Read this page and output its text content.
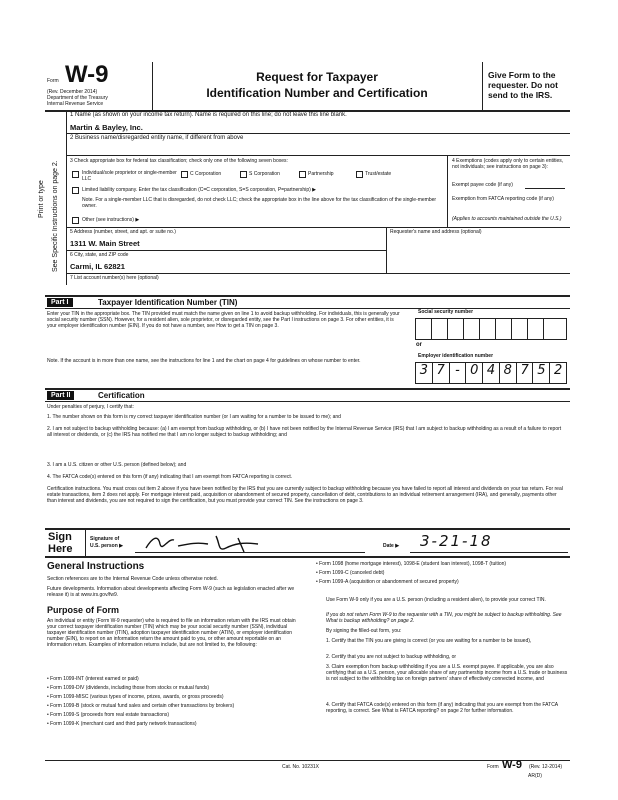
Form W-9
(Rev. December 2014)
Department of the Treasury
Internal Revenue Service
Request for Taxpayer
Identification Number and Certification
Give Form to the
requester. Do not
send to the IRS.
Print or type See Specific Instructions on page 2.
1 Name (as shown on your income tax return). Name is required on this line; do not leave this line blank.
Martin & Bayley, Inc.
2 Business name/disregarded entity name, if different from above
3 Check appropriate box for federal tax classification; check only one of the following seven boxes:
Individual/sole proprietor or single-member LLC
C Corporation	S Corporation	Partnership	Trust/estate
Limited liability company. Enter the tax classification (C=C corporation, S=S corporation, P=partnership) ▶
Note. For a single-member LLC that is disregarded, do not check LLC; check the appropriate box in the line above for the tax classification of the single-member owner.
Other (see instructions) ▶
4 Exemptions (codes apply only to certain entities, not individuals; see instructions on page 3):
Exempt payee code (if any)
Exemption from FATCA reporting code (if any)
(Applies to accounts maintained outside the U.S.)
5 Address (number, street, and apt. or suite no.)
1311 W. Main Street
Requester's name and address (optional)
6 City, state, and ZIP code
Carmi, IL 62821
7 List account number(s) here (optional)
Part I	Taxpayer Identification Number (TIN)
Enter your TIN in the appropriate box. The TIN provided must match the name given on line 1 to avoid backup withholding. For individuals, this is generally your social security number (SSN). However, for a resident alien, sole proprietor, or disregarded entity, see the Part I instructions on page 3. For other entities, it is your employer identification number (EIN). If you do not have a number, see How to get a TIN on page 3.
Note. If the account is in more than one name, see the instructions for line 1 and the chart on page 4 for guidelines on whose number to enter.
Social security number
or
Employer identification number
3 7 - 0 4 8 7 5 2
Part II	Certification
Under penalties of perjury, I certify that:
1. The number shown on this form is my correct taxpayer identification number (or I am waiting for a number to be issued to me); and
2. I am not subject to backup withholding because: (a) I am exempt from backup withholding, or (b) I have not been notified by the Internal Revenue Service (IRS) that I am subject to backup withholding as a result of a failure to report all interest or dividends, or (c) the IRS has notified me that I am no longer subject to backup withholding; and
3. I am a U.S. citizen or other U.S. person (defined below); and
4. The FATCA code(s) entered on this form (if any) indicating that I am exempt from FATCA reporting is correct.
Certification instructions. You must cross out item 2 above if you have been notified by the IRS that you are currently subject to backup withholding because you have failed to report all interest and dividends on your tax return. For real estate transactions, item 2 does not apply. For mortgage interest paid, acquisition or abandonment of secured property, cancellation of debt, contributions to an individual retirement arrangement (IRA), and generally, payments other than interest and dividends, you are not required to sign the certification, but you must provide your correct TIN. See the instructions on page 3.
Sign
Here
Signature of
U.S. person ▶	Date ▶ 3-21-18
General Instructions
Section references are to the Internal Revenue Code unless otherwise noted.
Future developments. Information about developments affecting Form W-9 (such as legislation enacted after we release it) is at www.irs.gov/fw9.
Purpose of Form
An individual or entity (Form W-9 requester) who is required to file an information return with the IRS must obtain your correct taxpayer identification number (TIN) which may be your social security number (SSN), individual taxpayer identification number (ITIN), adoption taxpayer identification number (ATIN), or employer identification number (EIN), to report on an information return the amount paid to you, or other amount reportable on an information return. Examples of information returns include, but are not limited to, the following:
• Form 1099-INT (interest earned or paid)
• Form 1099-DIV (dividends, including those from stocks or mutual funds)
• Form 1099-MISC (various types of income, prizes, awards, or gross proceeds)
• Form 1099-B (stock or mutual fund sales and certain other transactions by brokers)
• Form 1099-S (proceeds from real estate transactions)
• Form 1099-K (merchant card and third party network transactions)
• Form 1098 (home mortgage interest), 1098-E (student loan interest), 1098-T (tuition)
• Form 1099-C (canceled debt)
• Form 1099-A (acquisition or abandonment of secured property)
Use Form W-9 only if you are a U.S. person (including a resident alien), to provide your correct TIN.
If you do not return Form W-9 to the requester with a TIN, you might be subject to backup withholding. See What is backup withholding? on page 2.
By signing the filled-out form, you:
1. Certify that the TIN you are giving is correct (or you are waiting for a number to be issued),
2. Certify that you are not subject to backup withholding, or
3. Claim exemption from backup withholding if you are a U.S. exempt payee. If applicable, you are also certifying that as a U.S. person, your allocable share of any partnership income from a U.S. trade or business is not subject to the withholding tax on foreign partners' share of effectively connected income, and
4. Certify that FATCA code(s) entered on this form (if any) indicating that you are exempt from the FATCA reporting, is correct. See What is FATCA reporting? on page 2 for further information.
Cat. No. 10231X	Form W-9 (Rev. 12-2014)
AR(D)
